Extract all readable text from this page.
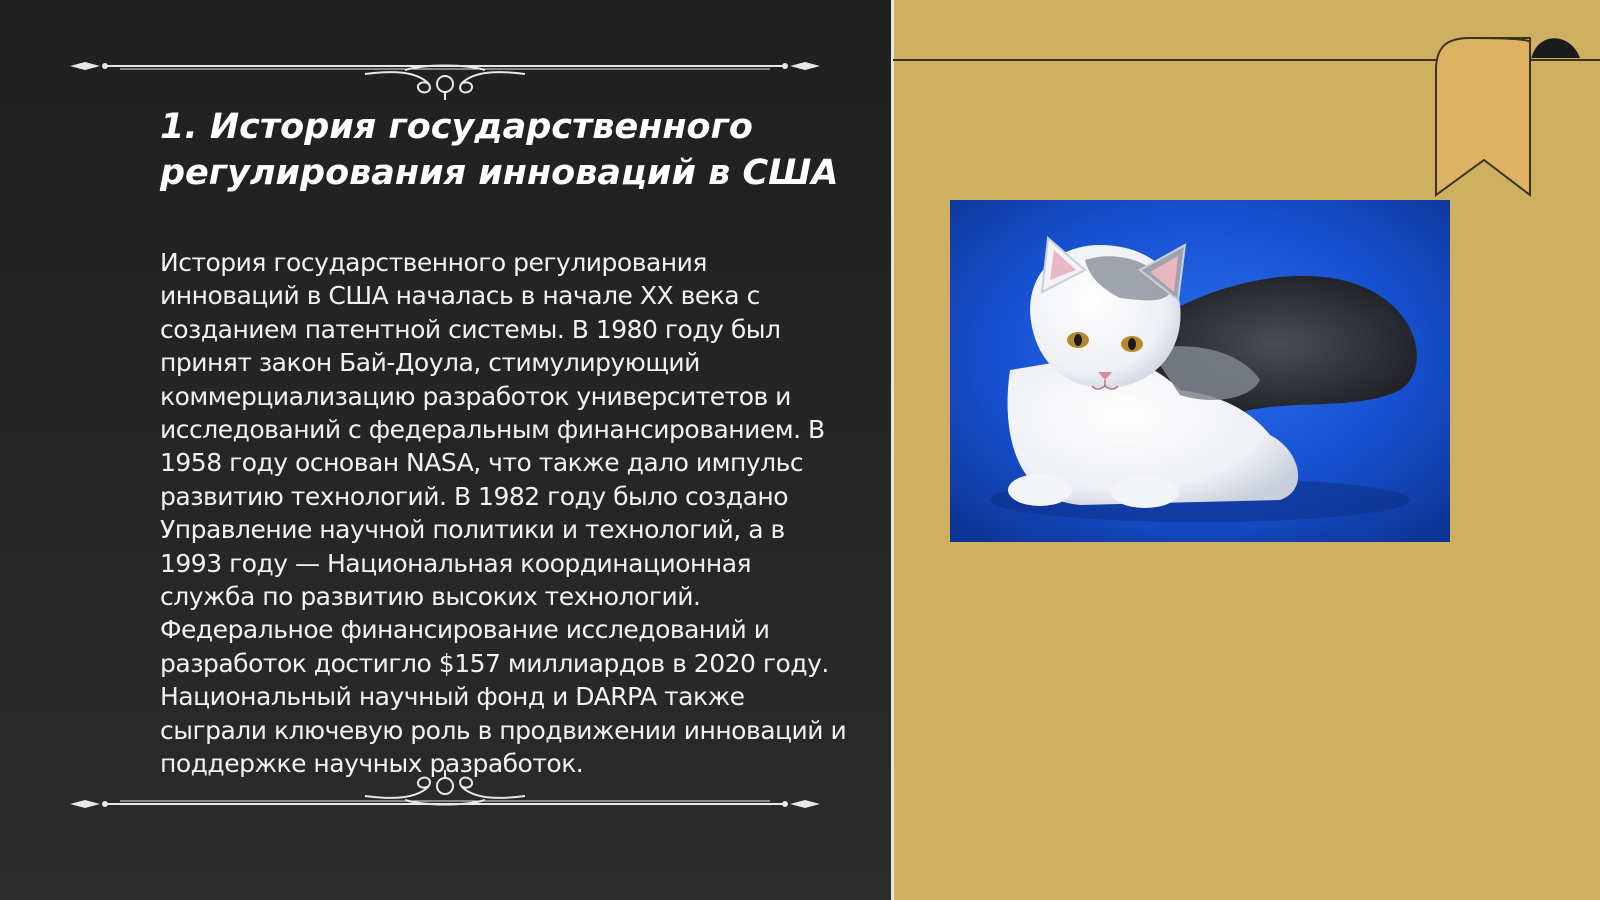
1. История государственного регулирования инноваций в США

История государственного регулирования инноваций в США началась в начале XX века с созданием патентной системы. В 1980 году был принят закон Бай-Доула, стимулирующий коммерциализацию разработок университетов и исследований с федеральным финансированием. В 1958 году основан NASA, что также дало импульс развитию технологий. В 1982 году было создано Управление научной политики и технологий, а в 1993 году — Национальная координационная служба по развитию высоких технологий. Федеральное финансирование исследований и разработок достигло $157 миллиардов в 2020 году. Национальный научный фонд и DARPA также сыграли ключевую роль в продвижении инноваций и поддержке научных разработок.
